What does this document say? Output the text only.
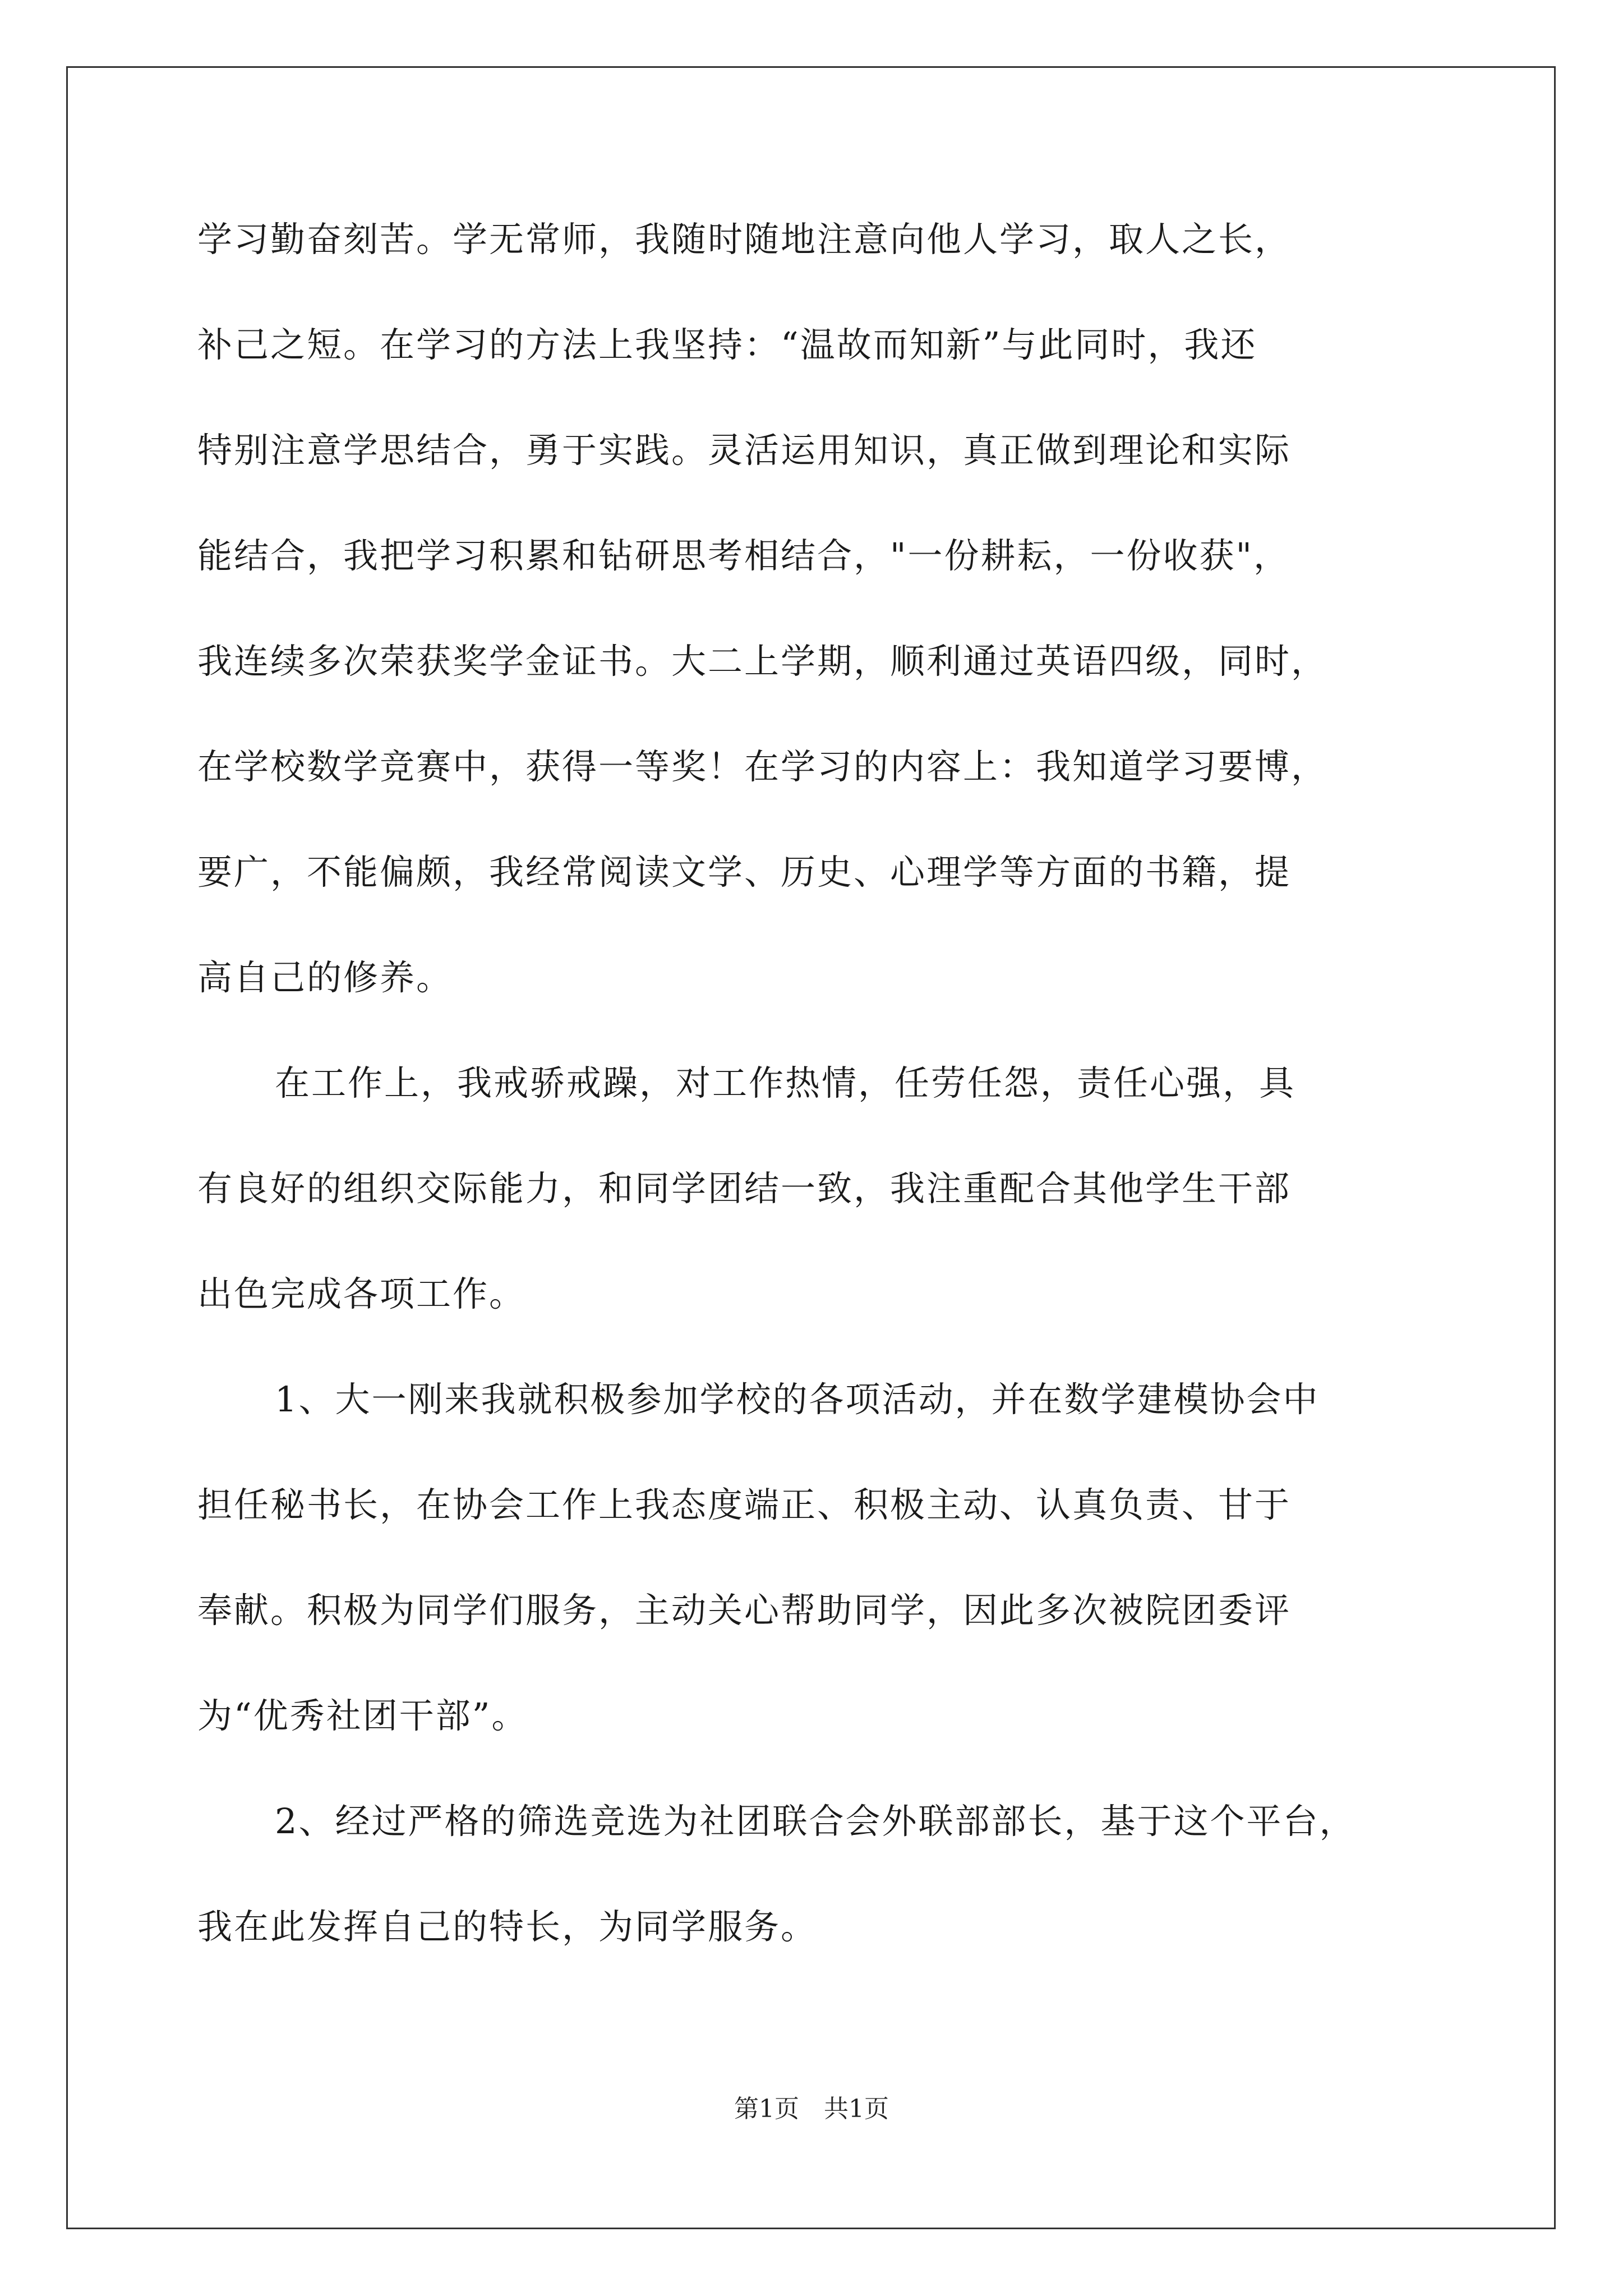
学习勤奋刻苦。学无常师，我随时随地注意向他人学习，取人之长，
补己之短。在学习的方法上我坚持：“温故而知新”与此同时，我还
特别注意学思结合，勇于实践。灵活运用知识，真正做到理论和实际
能结合，我把学习积累和钻研思考相结合，"一份耕耘，一份收获"，
我连续多次荣获奖学金证书。大二上学期，顺利通过英语四级，同时，
在学校数学竞赛中，获得一等奖！在学习的内容上：我知道学习要博，
要广，不能偏颇，我经常阅读文学、历史、心理学等方面的书籍，提
高自己的修养。
在工作上，我戒骄戒躁，对工作热情，任劳任怨，责任心强，具
有良好的组织交际能力，和同学团结一致，我注重配合其他学生干部
出色完成各项工作。
1、大一刚来我就积极参加学校的各项活动，并在数学建模协会中
担任秘书长，在协会工作上我态度端正、积极主动、认真负责、甘于
奉献。积极为同学们服务，主动关心帮助同学，因此多次被院团委评
为“优秀社团干部”。
2、经过严格的筛选竞选为社团联合会外联部部长，基于这个平台，
我在此发挥自己的特长，为同学服务。
第1页　共1页
